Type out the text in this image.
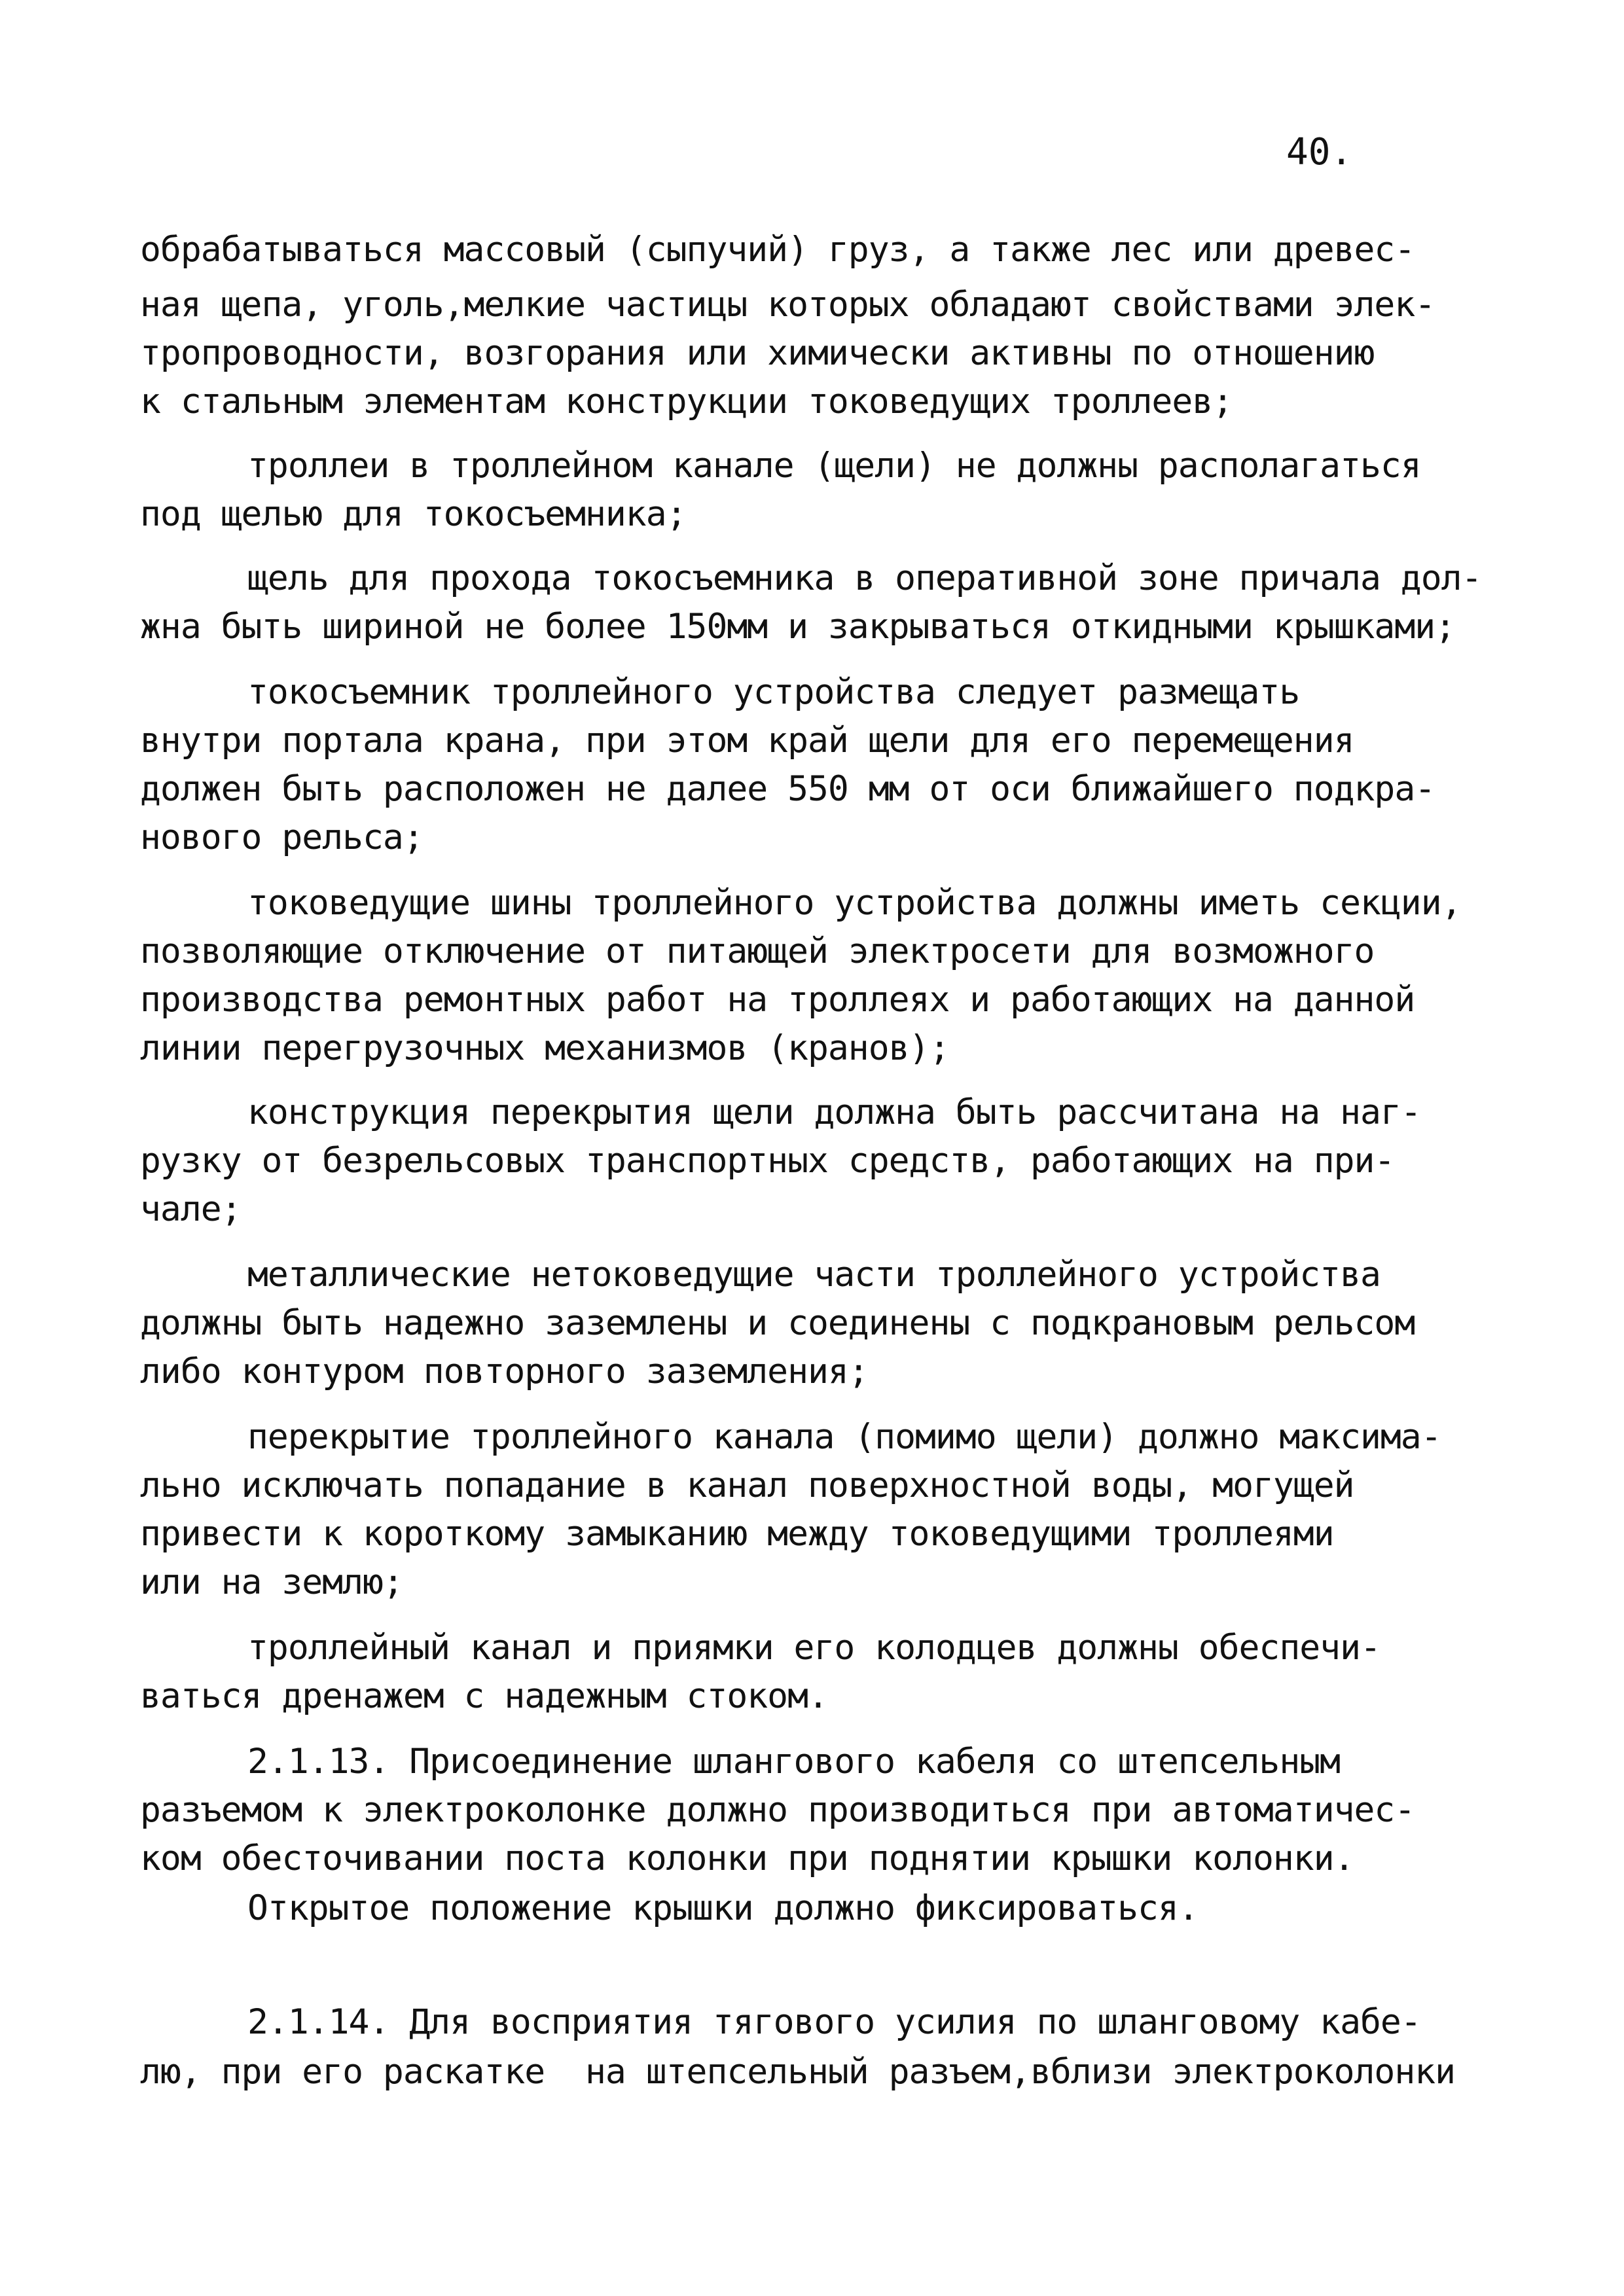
40.
обрабатываться массовый (сыпучий) груз, а также лес или древес-
ная щепа, уголь,мелкие частицы которых обладают свойствами элек-
тропроводности, возгорания или химически активны по отношению
к стальным элементам конструкции токоведущих троллеев;
троллеи в троллейном канале (щели) не должны располагаться
под щелью для токосъемника;
щель для прохода токосъемника в оперативной зоне причала дол-
жна быть шириной не более 150мм и закрываться откидными крышками;
токосъемник троллейного устройства следует размещать
внутри портала крана, при этом край щели для его перемещения
должен быть расположен не далее 550 мм от оси ближайшего подкра-
нового рельса;
токоведущие шины троллейного устройства должны иметь секции,
позволяющие отключение от питающей электросети для возможного
производства ремонтных работ на троллеях и работающих на данной
линии перегрузочных механизмов (кранов);
конструкция перекрытия щели должна быть рассчитана на наг-
рузку от безрельсовых транспортных средств, работающих на при-
чале;
металлические нетоковедущие части троллейного устройства
должны быть надежно заземлены и соединены с подкрановым рельсом
либо контуром повторного заземления;
перекрытие троллейного канала (помимо щели) должно максима-
льно исключать попадание в канал поверхностной воды, могущей
привести к короткому замыканию между токоведущими троллеями
или на землю;
троллейный канал и приямки его колодцев должны обеспечи-
ваться дренажем с надежным стоком.
2.1.13. Присоединение шлангового кабеля со штепсельным
разъемом к электроколонке должно производиться при автоматичес-
ком обесточивании поста колонки при поднятии крышки колонки.
Открытое положение крышки должно фиксироваться.
2.1.14. Для восприятия тягового усилия по шланговому кабе-
лю, при его раскатке  на штепсельный разъем,вблизи электроколонки
